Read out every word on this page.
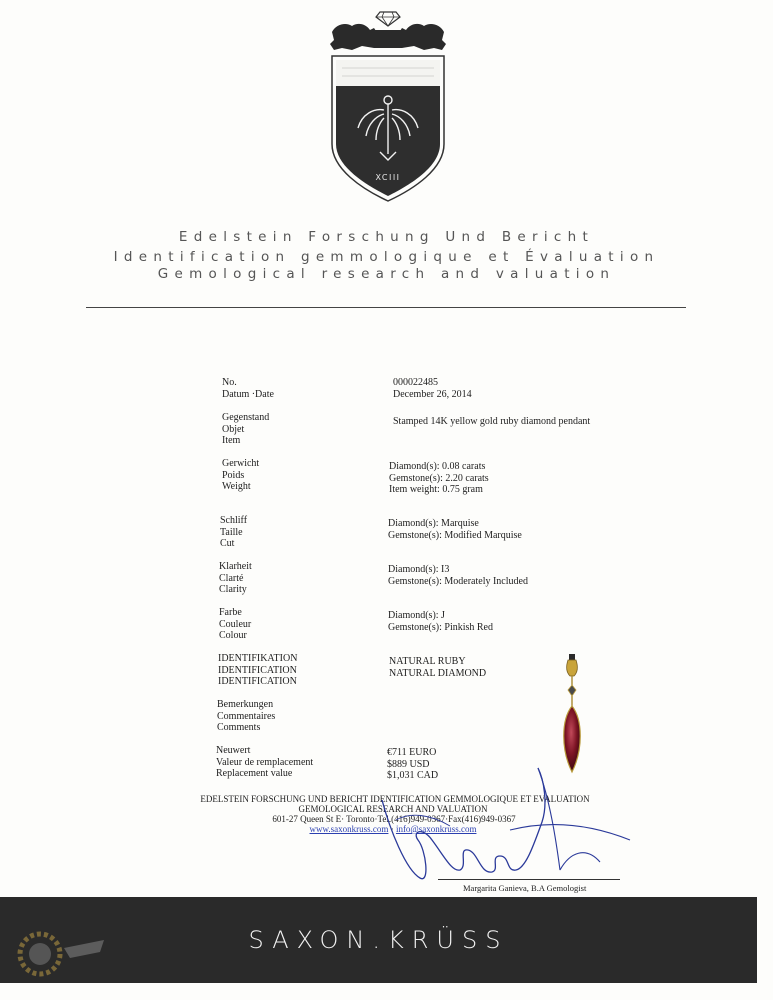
XCIII
Edelstein Forschung Und Bericht
Identification gemmologique et Évaluation
Gemological research and valuation
No.
Datum ·Date
000022485
December 26, 2014
Gegenstand
Objet
Item
Stamped 14K yellow gold ruby diamond pendant
Gerwicht
Poids
Weight
Diamond(s): 0.08 carats
Gemstone(s): 2.20 carats
Item weight: 0.75 gram
Schliff
Taille
Cut
Diamond(s): Marquise
Gemstone(s): Modified Marquise
Klarheit
Clarté
Clarity
Diamond(s): I3
Gemstone(s): Moderately Included
Farbe
Couleur
Colour
Diamond(s): J
Gemstone(s): Pinkish Red
IDENTIFIKATION
IDENTIFICATION
IDENTIFICATION
NATURAL RUBY
NATURAL DIAMOND
Bemerkungen
Commentaires
Comments
Neuwert
Valeur de remplacement
Replacement value
€711 EURO
$889 USD
$1,031 CAD
EDELSTEIN FORSCHUNG UND BERICHT IDENTIFICATION GEMMOLOGIQUE ET EVALUATION
GEMOLOGICAL RESEARCH AND VALUATION
601-27 Queen St E· Toronto·Tel.(416)949-0367·Fax(416)949-0367
www.saxonkruss.com · info@saxonkruss.com
Margarita Ganieva, B.A Gemologist
SAXON.KRÜSS
